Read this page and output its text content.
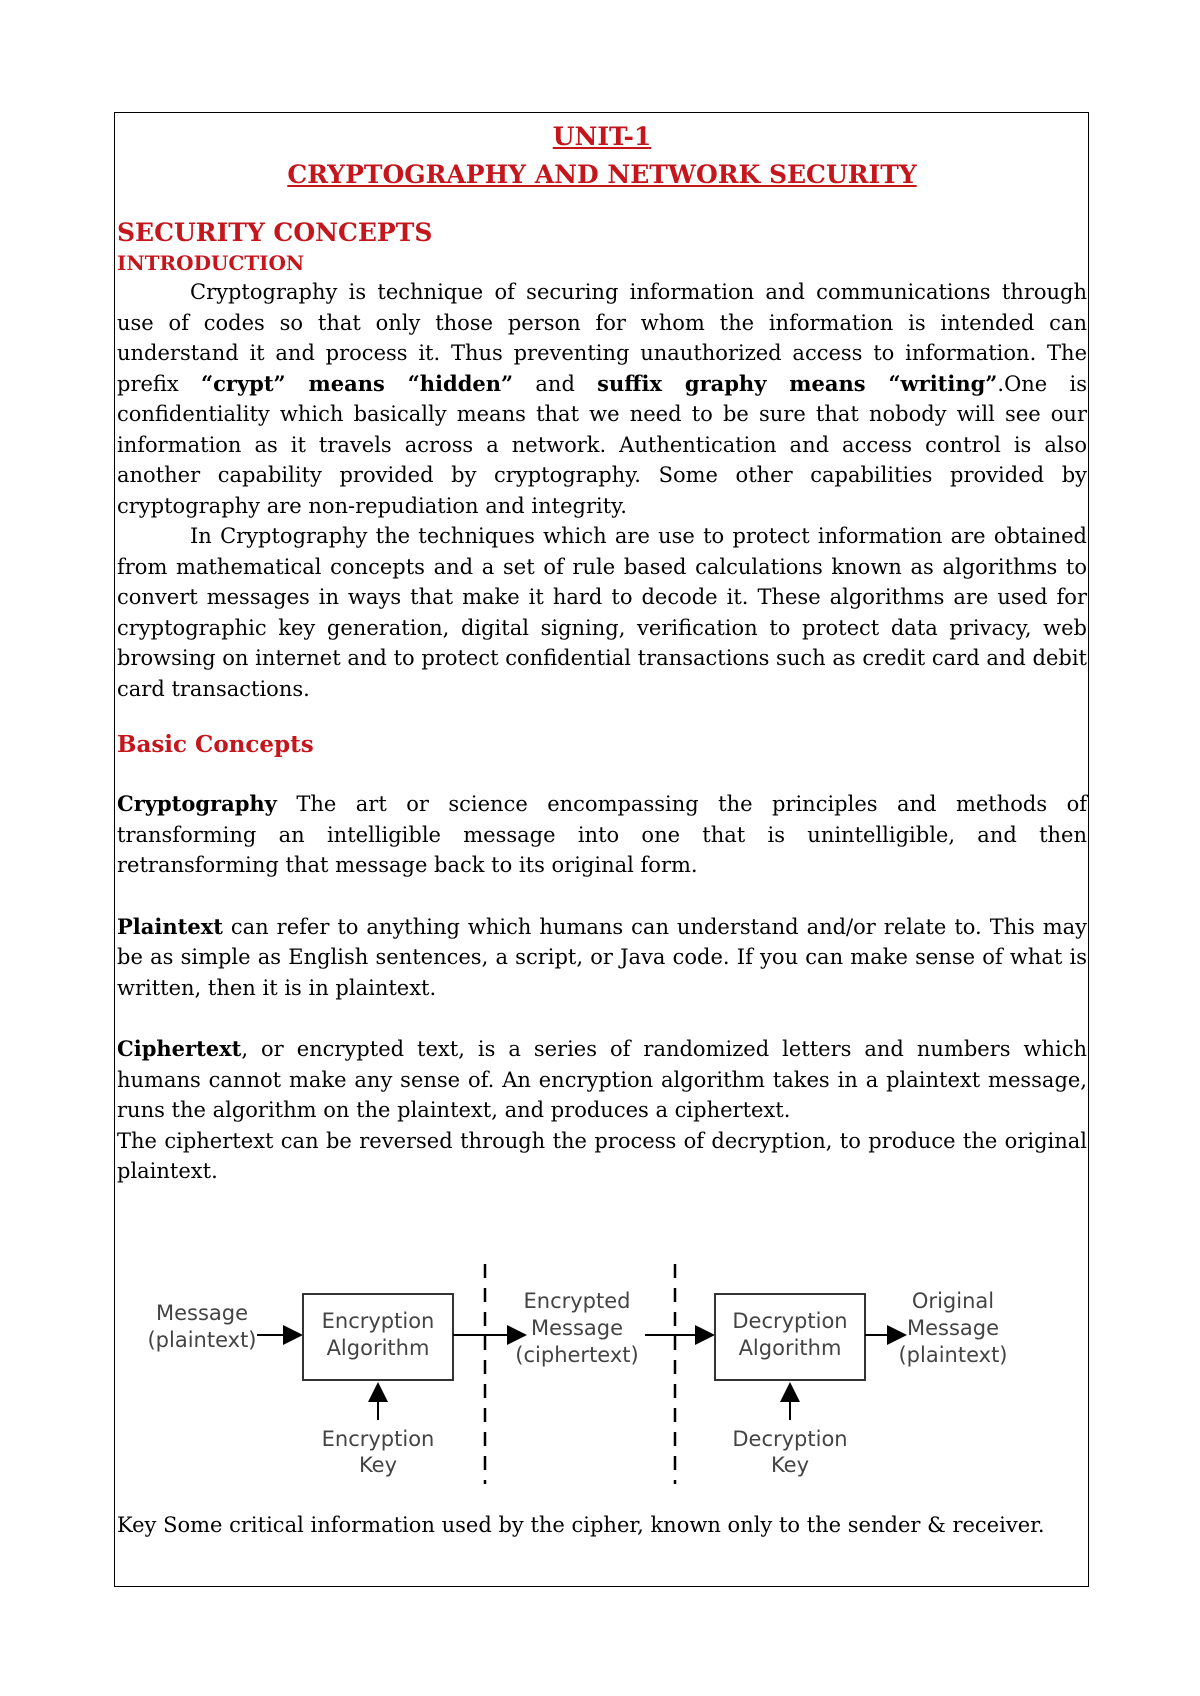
UNIT-1
CRYPTOGRAPHY AND NETWORK SECURITY
SECURITY CONCEPTS
INTRODUCTION

Cryptography is technique of securing information and communications through use of codes so that only those person for whom the information is intended can understand it and process it. Thus preventing unauthorized access to information. The prefix “crypt” means “hidden” and suffix graphy means “writing”.One is confidentiality which basically means that we need to be sure that nobody will see our information as it travels across a network. Authentication and access control is also another capability provided by cryptography. Some other capabilities provided by cryptography are non-repudiation and integrity.

In Cryptography the techniques which are use to protect information are obtained from mathematical concepts and a set of rule based calculations known as algorithms to convert messages in ways that make it hard to decode it. These algorithms are used for cryptographic key generation, digital signing, verification to protect data privacy, web browsing on internet and to protect confidential transactions such as credit card and debit card transactions.

Basic Concepts

Cryptography The art or science encompassing the principles and methods of transforming an intelligible message into one that is unintelligible, and then retransforming that message back to its original form.

Plaintext can refer to anything which humans can understand and/or relate to. This may be as simple as English sentences, a script, or Java code. If you can make sense of what is written, then it is in plaintext.

Ciphertext, or encrypted text, is a series of randomized letters and numbers which humans cannot make any sense of. An encryption algorithm takes in a plaintext message, runs the algorithm on the plaintext, and produces a ciphertext.

The ciphertext can be reversed through the process of decryption, to produce the original plaintext.

Message
(plaintext)
Encryption
Algorithm
Encryption
Key
Encrypted
Message
(ciphertext)
Decryption
Algorithm
Decryption
Key
Original
Message
(plaintext)
Key Some critical information used by the cipher, known only to the sender & receiver.
